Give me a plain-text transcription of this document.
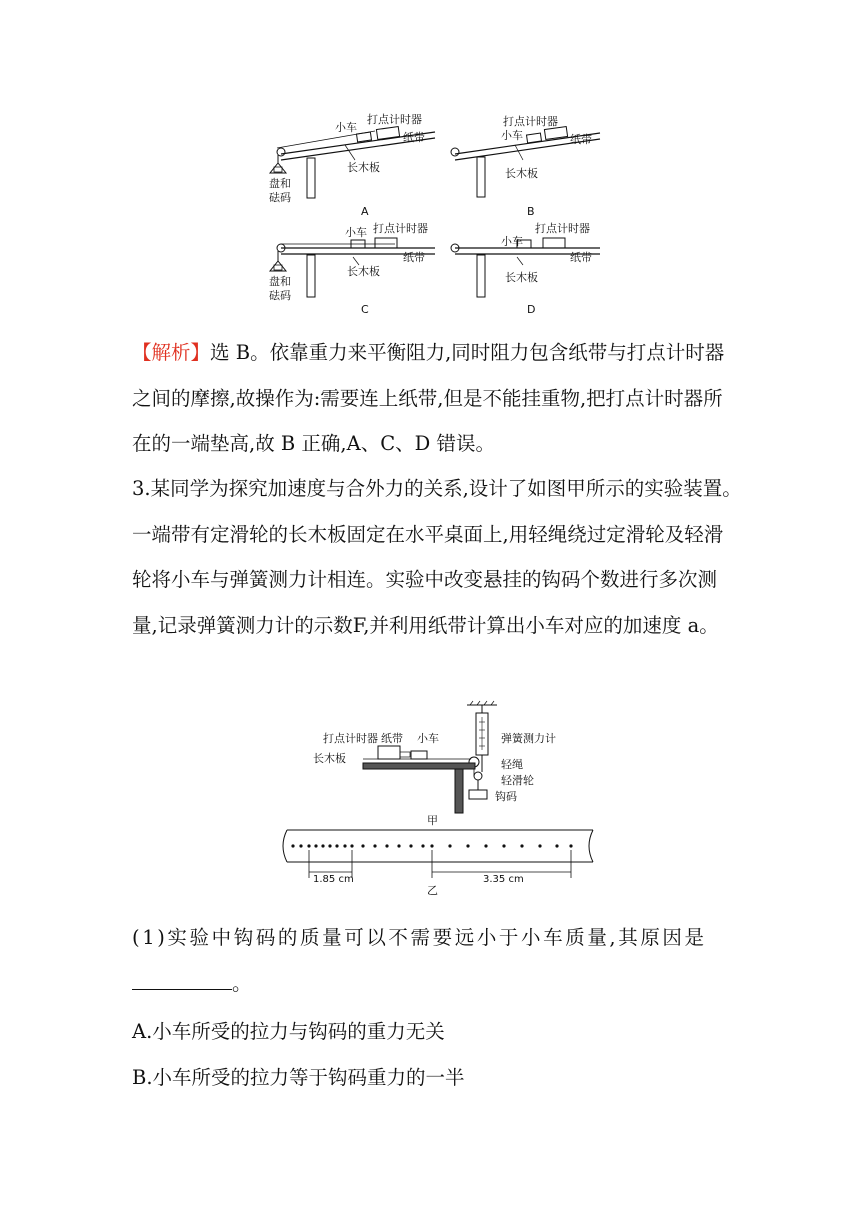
小车
打点计时器
纸带
长木板
盘和
砝码
A
小车
打点计时器
纸带
长木板
B
小车 打点计时器
纸带
长木板
盘和
砝码
C
小车
打点计时器
纸带
长木板
D

【解析】选 B。依靠重力来平衡阻力,同时阻力包含纸带与打点计时器之间的摩擦,故操作为:需要连上纸带,但是不能挂重物,把打点计时器所在的一端垫高,故 B 正确,A、C、D 错误。

3.某同学为探究加速度与合外力的关系,设计了如图甲所示的实验装置。一端带有定滑轮的长木板固定在水平桌面上,用轻绳绕过定滑轮及轻滑轮将小车与弹簧测力计相连。实验中改变悬挂的钩码个数进行多次测量,记录弹簧测力计的示数F,并利用纸带计算出小车对应的加速度 a。

打点计时器 纸带 小车
长木板
弹簧测力计
轻绳
轻滑轮
钩码
甲
1.85 cm	3.35 cm
乙
(1)实验中钩码的质量可以不需要远小于小车质量,其原因是
。
A.小车所受的拉力与钩码的重力无关
B.小车所受的拉力等于钩码重力的一半
